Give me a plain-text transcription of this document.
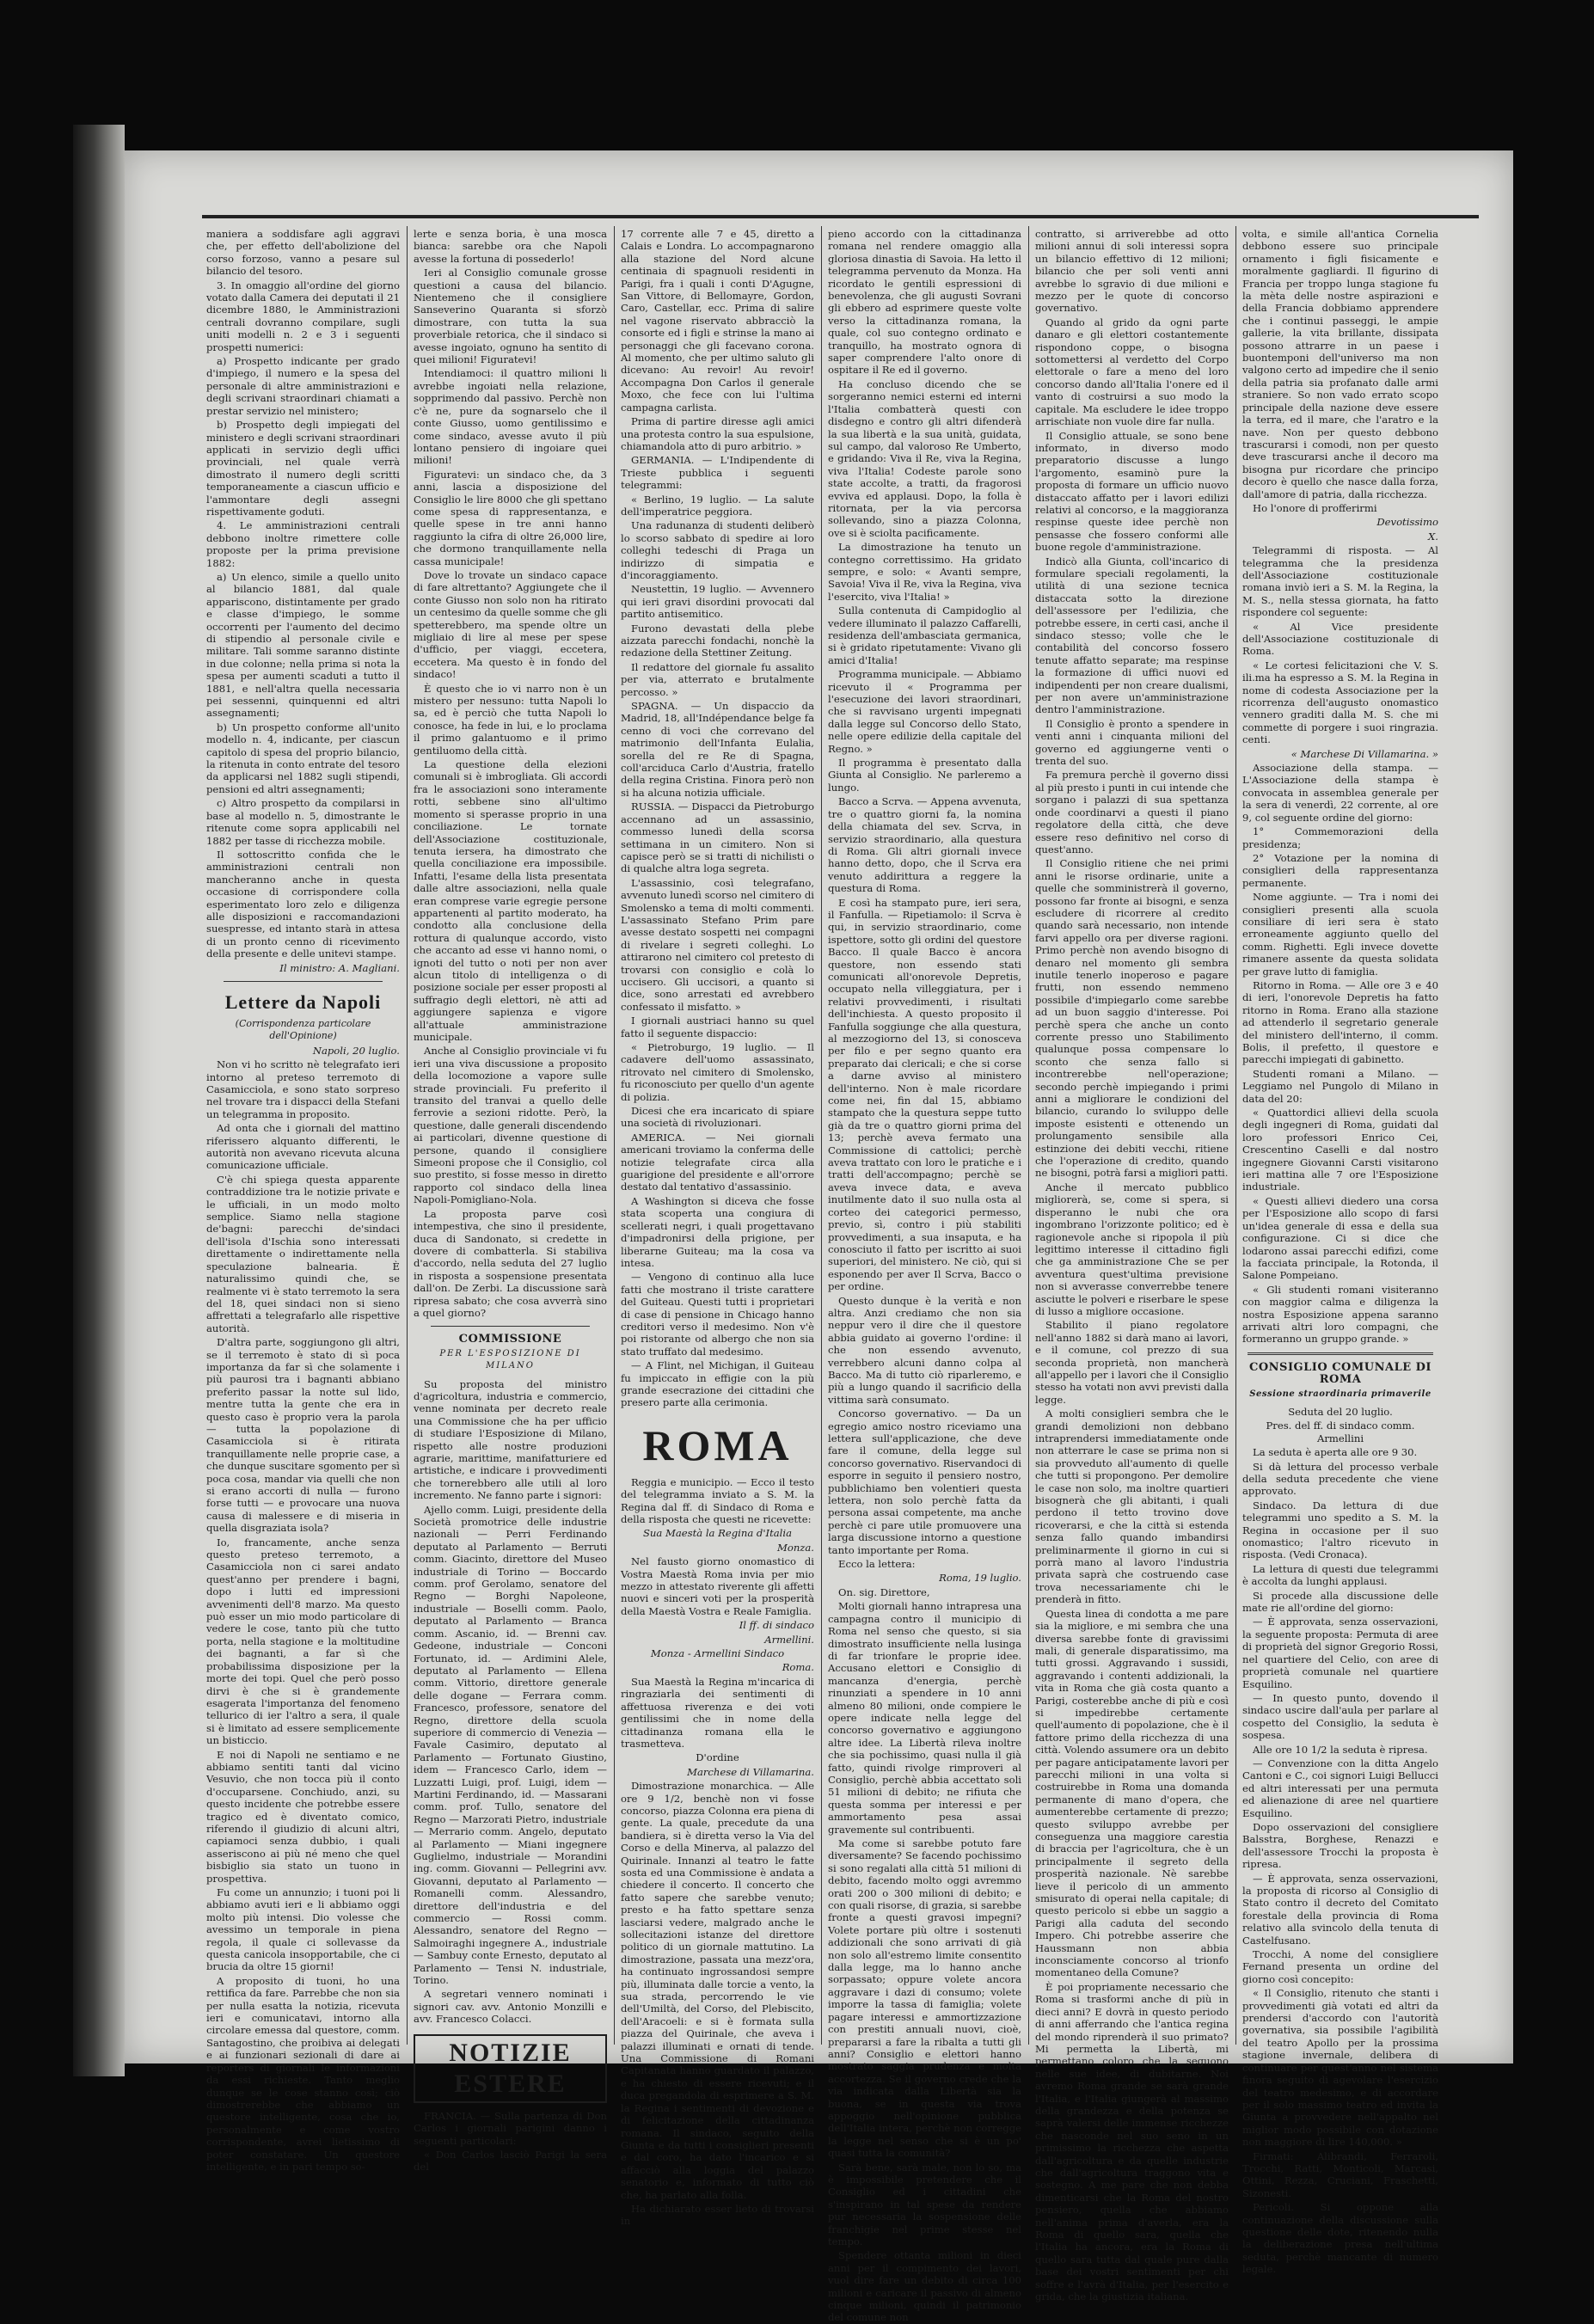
maniera a soddisfare agli aggravi che, per effetto dell'abolizione del corso forzoso, vanno a pesare sul bilancio del tesoro.

3. In omaggio all'ordine del giorno votato dalla Camera dei deputati il 21 dicembre 1880, le Amministrazioni centrali dovranno compilare, sugli uniti modelli n. 2 e 3 i seguenti prospetti numerici:

a) Prospetto indicante per grado d'impiego, il numero e la spesa del personale di altre amministrazioni e degli scrivani straordinari chiamati a prestar servizio nel ministero;

b) Prospetto degli impiegati del ministero e degli scrivani straordinari applicati in servizio degli uffici provinciali, nel quale verrà dimostrato il numero degli scritti temporaneamente a ciascun ufficio e l'ammontare degli assegni rispettivamente goduti.

4. Le amministrazioni centrali debbono inoltre rimettere colle proposte per la prima previsione 1882:

a) Un elenco, simile a quello unito al bilancio 1881, dal quale appariscono, distintamente per grado e classe d'impiego, le somme occorrenti per l'aumento del decimo di stipendio al personale civile e militare. Tali somme saranno distinte in due colonne; nella prima si nota la spesa per aumenti scaduti a tutto il 1881, e nell'altra quella necessaria pei sessenni, quinquenni ed altri assegnamenti;

b) Un prospetto conforme all'unito modello n. 4, indicante, per ciascun capitolo di spesa del proprio bilancio, la ritenuta in conto entrate del tesoro da applicarsi nel 1882 sugli stipendi, pensioni ed altri assegnamenti;

c) Altro prospetto da compilarsi in base al modello n. 5, dimostrante le ritenute come sopra applicabili nel 1882 per tasse di ricchezza mobile.

Il sottoscritto confida che le amministrazioni centrali non mancheranno anche in questa occasione di corrispondere colla esperimentato loro zelo e diligenza alle disposizioni e raccomandazioni suespresse, ed intanto starà in attesa di un pronto cenno di ricevimento della presente e delle unitevi stampe.

Il ministro: A. Magliani.

Lettere da Napoli

(Corrispondenza particolare dell'Opinione)

Napoli, 20 luglio.

Non vi ho scritto nè telegrafato ieri intorno al preteso terremoto di Casamicciola, e sono stato sorpreso nel trovare tra i dispacci della Stefani un telegramma in proposito.

Ad onta che i giornali del mattino riferissero alquanto differenti, le autorità non avevano ricevuta alcuna comunicazione ufficiale.

C'è chi spiega questa apparente contraddizione tra le notizie private e le ufficiali, in un modo molto semplice. Siamo nella stagione de'bagni: parecchi de'sindaci dell'isola d'Ischia sono interessati direttamente o indirettamente nella speculazione balnearia. È naturalissimo quindi che, se realmente vi è stato terremoto la sera del 18, quei sindaci non si sieno affrettati a telegrafarlo alle rispettive autorità.

D'altra parte, soggiungono gli altri, se il terremoto è stato di sì poca importanza da far sì che solamente i più paurosi tra i bagnanti abbiano preferito passar la notte sul lido, mentre tutta la gente che era in questo caso è proprio vera la parola — tutta la popolazione di Casamicciola si è ritirata tranquillamente nelle proprie case, a che dunque suscitare sgomento per sì poca cosa, mandar via quelli che non si erano accorti di nulla — furono forse tutti — e provocare una nuova causa di malessere e di miseria in quella disgraziata isola?

Io, francamente, anche senza questo preteso terremoto, a Casamicciola non ci sarei andato quest'anno per prendere i bagni, dopo i lutti ed impressioni avvenimenti dell'8 marzo. Ma questo può esser un mio modo particolare di vedere le cose, tanto più che tutto porta, nella stagione e la moltitudine dei bagnanti, a far sì che probabilissima disposizione per la morte dei topi. Quel che però posso dirvi è che si è grandemente esagerata l'importanza del fenomeno tellurico di ier l'altro a sera, il quale si è limitato ad essere semplicemente un bisticcio.

E noi di Napoli ne sentiamo e ne abbiamo sentiti tanti dal vicino Vesuvio, che non tocca più il conto d'occuparsene. Conchiudo, anzi, su questo incidente che potrebbe essere tragico ed è diventato comico, riferendo il giudizio di alcuni altri, capiamoci senza dubbio, i quali asseriscono ai più né meno che quel bisbiglio sia stato un tuono in prospettiva.

Fu come un annunzio; i tuoni poi li abbiamo avuti ieri e li abbiamo oggi molto più intensi. Dio volesse che avessimo un temporale in piena regola, il quale ci sollevasse da questa canicola insopportabile, che ci brucia da oltre 15 giorni!

A proposito di tuoni, ho una rettifica da fare. Parrebbe che non sia per nulla esatta la notizia, ricevuta ieri e comunicatavi, intorno alla circolare emessa dal questore, comm. Santagostino, che proibiva ai delegati e ai funzionari sezionali di dare ai reporters di giornali le informazioni da essi richieste. Tanto meglio dunque se le cose stanno così; ciò dimostrerebbe che abbiamo un questore intelligente, cosa che io, personalmente e come vostro corrispondente, avrei lietissimo di poter constatare. Un questore intelligente, e in pari tempo so-

lerte e senza boria, è una mosca bianca: sarebbe ora che Napoli avesse la fortuna di possederlo!

Ieri al Consiglio comunale grosse questioni a causa del bilancio. Nientemeno che il consigliere Sanseverino Quaranta si sforzò dimostrare, con tutta la sua proverbiale retorica, che il sindaco si avesse ingoiato, ognuno ha sentito di quei milioni! Figuratevi!

Intendiamoci: il quattro milioni li avrebbe ingoiati nella relazione, sopprimendo dal passivo. Perchè non c'è ne, pure da sognarselo che il conte Giusso, uomo gentilissimo e come sindaco, avesse avuto il più lontano pensiero di ingoiare quei milioni!

Figuratevi: un sindaco che, da 3 anni, lascia a disposizione del Consiglio le lire 8000 che gli spettano come spesa di rappresentanza, e quelle spese in tre anni hanno raggiunto la cifra di oltre 26,000 lire, che dormono tranquillamente nella cassa municipale!

Dove lo trovate un sindaco capace di fare altrettanto? Aggiungete che il conte Giusso non solo non ha ritirato un centesimo da quelle somme che gli spetterebbero, ma spende oltre un migliaio di lire al mese per spese d'ufficio, per viaggi, eccetera, eccetera. Ma questo è in fondo del sindaco!

È questo che io vi narro non è un mistero per nessuno: tutta Napoli lo sa, ed è perciò che tutta Napoli lo conosce, ha fede in lui, e lo proclama il primo galantuomo e il primo gentiluomo della città.

La questione della elezioni comunali si è imbrogliata. Gli accordi fra le associazioni sono interamente rotti, sebbene sino all'ultimo momento si sperasse proprio in una conciliazione. Le tornate dell'Associazione costituzionale, tenuta iersera, ha dimostrato che quella conciliazione era impossibile. Infatti, l'esame della lista presentata dalle altre associazioni, nella quale eran comprese varie egregie persone appartenenti al partito moderato, ha condotto alla conclusione della rottura di qualunque accordo, visto che accanto ad esse vi hanno nomi, o ignoti del tutto o noti per non aver alcun titolo di intelligenza o di posizione sociale per esser proposti al suffragio degli elettori, nè atti ad aggiungere sapienza e vigore all'attuale amministrazione municipale.

Anche al Consiglio provinciale vi fu ieri una viva discussione a proposito della locomozione a vapore sulle strade provinciali. Fu preferito il transito del tranvai a quello delle ferrovie a sezioni ridotte. Però, la questione, dalle generali discendendo ai particolari, divenne questione di persone, quando il consigliere Simeoni propose che il Consiglio, col suo prestito, si fosse messo in diretto rapporto col sindaco della linea Napoli-Pomigliano-Nola.

La proposta parve così intempestiva, che sino il presidente, duca di Sandonato, si credette in dovere di combatterla. Si stabiliva d'accordo, nella seduta del 27 luglio in risposta a sospensione presentata dall'on. De Zerbi. La discussione sarà ripresa sabato; che cosa avverrà sino a quel giorno?

COMMISSIONE
PER L'ESPOSIZIONE DI MILANO

Su proposta del ministro d'agricoltura, industria e commercio, venne nominata per decreto reale una Commissione che ha per ufficio di studiare l'Esposizione di Milano, rispetto alle nostre produzioni agrarie, marittime, manifatturiere ed artistiche, e indicare i provvedimenti che tornerebbero alle utili al loro incremento. Ne fanno parte i signori:

Ajello comm. Luigi, presidente della Società promotrice delle industrie nazionali — Perri Ferdinando deputato al Parlamento — Berruti comm. Giacinto, direttore del Museo industriale di Torino — Boccardo comm. prof Gerolamo, senatore del Regno — Borghi Napoleone, industriale — Boselli comm. Paolo, deputato al Parlamento — Branca comm. Ascanio, id. — Brenni cav. Gedeone, industriale — Conconi Fortunato, id. — Ardimini Alele, deputato al Parlamento — Ellena comm. Vittorio, direttore generale delle dogane — Ferrara comm. Francesco, professore, senatore del Regno, direttore della scuola superiore di commercio di Venezia — Favale Casimiro, deputato al Parlamento — Fortunato Giustino, idem — Francesco Carlo, idem — Luzzatti Luigi, prof. Luigi, idem — Martini Ferdinando, id. — Massarani comm. prof. Tullo, senatore del Regno — Marzorati Pietro, industriale — Merrario comm. Angelo, deputato al Parlamento — Miani ingegnere Guglielmo, industriale — Morandini ing. comm. Giovanni — Pellegrini avv. Giovanni, deputato al Parlamento — Romanelli comm. Alessandro, direttore dell'industria e del commercio — Rossi comm. Alessandro, senatore del Regno — Salmoiraghi ingegnere A., industriale — Sambuy conte Ernesto, deputato al Parlamento — Tensi N. industriale, Torino.

A segretari vennero nominati i signori cav. avv. Antonio Monzilli e avv. Francesco Colacci.

NOTIZIE ESTERE

FRANCIA. — Sulla partenza di Don Carlos i giornali parigini danno i seguenti particolari:

« Don Carlos lasciò Parigi la sera del

17 corrente alle 7 e 45, diretto a Calais e Londra. Lo accompagnarono alla stazione del Nord alcune centinaia di spagnuoli residenti in Parigi, fra i quali i conti D'Agugne, San Vittore, di Bellomayre, Gordon, Caro, Castellar, ecc. Prima di salire nel vagone riservato abbracciò la consorte ed i figli e strinse la mano ai personaggi che gli facevano corona. Al momento, che per ultimo saluto gli dicevano: Au revoir! Au revoir! Accompagna Don Carlos il generale Moxo, che fece con lui l'ultima campagna carlista.

Prima di partire diresse agli amici una protesta contro la sua espulsione, chiamandola atto di puro arbitrio. »

GERMANIA. — L'Indipendente di Trieste pubblica i seguenti telegrammi:

« Berlino, 19 luglio. — La salute dell'imperatrice peggiora.

Una radunanza di studenti deliberò lo scorso sabbato di spedire ai loro colleghi tedeschi di Praga un indirizzo di simpatia e d'incoraggiamento.

Neustettin, 19 luglio. — Avvennero qui ieri gravi disordini provocati dal partito antisemitico.

Furono devastati della plebe aizzata parecchi fondachi, nonchè la redazione della Stettiner Zeitung.

Il redattore del giornale fu assalito per via, atterrato e brutalmente percosso. »

SPAGNA. — Un dispaccio da Madrid, 18, all'Indépendance belge fa cenno di voci che correvano del matrimonio dell'Infanta Eulalia, sorella del re Re di Spagna, coll'arciduca Carlo d'Austria, fratello della regina Cristina. Finora però non si ha alcuna notizia ufficiale.

RUSSIA. — Dispacci da Pietroburgo accennano ad un assassinio, commesso lunedì della scorsa settimana in un cimitero. Non si capisce però se si tratti di nichilisti o di qualche altra loga segreta.

L'assassinio, così telegrafano, avvenuto lunedì scorso nel cimitero di Smolensko a tema di molti commenti. L'assassinato Stefano Prim pare avesse destato sospetti nei compagni di rivelare i segreti colleghi. Lo attirarono nel cimitero col pretesto di trovarsi con consiglio e colà lo uccisero. Gli uccisori, a quanto si dice, sono arrestati ed avrebbero confessato il misfatto. »

I giornali austriaci hanno su quel fatto il seguente dispaccio:

« Pietroburgo, 19 luglio. — Il cadavere dell'uomo assassinato, ritrovato nel cimitero di Smolensko, fu riconosciuto per quello d'un agente di polizia.

Dicesi che era incaricato di spiare una società di rivoluzionari.

AMERICA. — Nei giornali americani troviamo la conferma delle notizie telegrafate circa alla guarigione del presidente e all'orrore destato dal tentativo d'assassinio.

A Washington si diceva che fosse stata scoperta una congiura di scellerati negri, i quali progettavano d'impadronirsi della prigione, per liberarne Guiteau; ma la cosa va intesa.

— Vengono di continuo alla luce fatti che mostrano il triste carattere del Guiteau. Questi tutti i proprietari di case di pensione in Chicago hanno creditori verso il medesimo. Non v'è poi ristorante od albergo che non sia stato truffato dal medesimo.

— A Flint, nel Michigan, il Guiteau fu impiccato in effigie con la più grande esecrazione dei cittadini che presero parte alla cerimonia.

ROMA

Reggia e municipio. — Ecco il testo del telegramma inviato a S. M. la Regina dal ff. di Sindaco di Roma e della risposta che questi ne ricevette:

Sua Maestà la Regina d'Italia

Monza.

Nel fausto giorno onomastico di Vostra Maestà Roma invia per mio mezzo in attestato riverente gli affetti nuovi e sinceri voti per la prosperità della Maestà Vostra e Reale Famiglia.

Il ff. di sindaco

Armellini.

Monza - Armellini Sindaco

Roma.

Sua Maestà la Regina m'incarica di ringraziarla dei sentimenti di affettuosa riverenza e dei voti gentilissimi che in nome della cittadinanza romana ella le trasmetteva.

D'ordine

Marchese di Villamarina.

Dimostrazione monarchica. — Alle ore 9 1/2, benchè non vi fosse concorso, piazza Colonna era piena di gente. La quale, precedute da una bandiera, si è diretta verso la Via del Corso e della Minerva, al palazzo del Quirinale. Innanzi al teatro le fatte sosta ed una Commissione è andata a chiedere il concerto. Il concerto che fatto sapere che sarebbe venuto; presto e ha fatto spettare senza lasciarsi vedere, malgrado anche le sollecitazioni istanze del direttore politico di un giornale mattutino. La dimostrazione, passata una mezz'ora, ha continuato ingrossandosi sempre più, illuminata dalle torcie a vento, la sua strada, percorrendo le vie dell'Umiltà, del Corso, del Plebiscito, dell'Aracoeli: e si è formata sulla piazza del Quirinale, che aveva i palazzi illuminati e ornati di tende. Una Commissione di Romani Capitanata hanno guardato il palazzo, e ha chiesto di essere ricevuti; e il duca pregandola di esprimere a S. M. la Regina i sentimenti di devozione e di felicitazione della cittadinanza romana. Il sindaco, seguito della Giunta e da tutti i consiglieri presenti e dal coro, ha dato l'incarico e si affacciò alla loggia del palazzo senatorio e, informato di tutto ciò che, ha parlato alla folla.

Ha dichiarato esser lieto di trovarsi in

pieno accordo con la cittadinanza romana nel rendere omaggio alla gloriosa dinastia di Savoia. Ha letto il telegramma pervenuto da Monza. Ha ricordato le gentili espressioni di benevolenza, che gli augusti Sovrani gli ebbero ad esprimere queste volte verso la cittadinanza romana, la quale, col suo contegno ordinato e tranquillo, ha mostrato ognora di saper comprendere l'alto onore di ospitare il Re ed il governo.

Ha concluso dicendo che se sorgeranno nemici esterni ed interni l'Italia combatterà questi con disdegno e contro gli altri difenderà la sua libertà e la sua unità, guidata, sul campo, dal valoroso Re Umberto, e gridando: Viva il Re, viva la Regina, viva l'Italia! Codeste parole sono state accolte, a tratti, da fragorosi evviva ed applausi. Dopo, la folla è ritornata, per la via percorsa sollevando, sino a piazza Colonna, ove si è sciolta pacificamente.

La dimostrazione ha tenuto un contegno correttissimo. Ha gridato sempre, e solo: « Avanti sempre, Savoia! Viva il Re, viva la Regina, viva l'esercito, viva l'Italia! »

Sulla contenuta di Campidoglio al vedere illuminato il palazzo Caffarelli, residenza dell'ambasciata germanica, si è gridato ripetutamente: Vivano gli amici d'Italia!

Programma municipale. — Abbiamo ricevuto il « Programma per l'esecuzione dei lavori straordinari, che si ravvisano urgenti impegnati dalla legge sul Concorso dello Stato, nelle opere edilizie della capitale del Regno. »

Il programma è presentato dalla Giunta al Consiglio. Ne parleremo a lungo.

Bacco a Scrva. — Appena avvenuta, tre o quattro giorni fa, la nomina della chiamata del sev. Scrva, in servizio straordinario, alla questura di Roma. Gli altri giornali invece hanno detto, dopo, che il Scrva era venuto addirittura a reggere la questura di Roma.

E così ha stampato pure, ieri sera, il Fanfulla. — Ripetiamolo: il Scrva è qui, in servizio straordinario, come ispettore, sotto gli ordini del questore Bacco. Il quale Bacco è ancora questore, non essendo stati comunicati all'onorevole Depretis, occupato nella villeggiatura, per i relativi provvedimenti, i risultati dell'inchiesta. A questo proposito il Fanfulla soggiunge che alla questura, al mezzogiorno del 13, si conosceva per filo e per segno quanto era preparato dai clericali; e che si corse a darne avviso al ministero dell'interno. Non è male ricordare come nei, fin dal 15, abbiamo stampato che la questura seppe tutto già da tre o quattro giorni prima del 13; perchè aveva fermato una Commissione di cattolici; perchè aveva trattato con loro le pratiche e i tratti dell'accompagno; perchè se aveva invece data, e aveva inutilmente dato il suo nulla osta al corteo dei categorici permesso, previo, sì, contro i più stabiliti provvedimenti, a sua insaputa, e ha conosciuto il fatto per iscritto ai suoi superiori, del ministero. Ne ciò, qui si esponendo per aver Il Scrva, Bacco o per ordine.

Questo dunque è la verità e non altra. Anzi crediamo che non sia neppur vero il dire che il questore abbia guidato ai governo l'ordine: il che non essendo avvenuto, verrebbero alcuni danno colpa al Bacco. Ma di tutto ciò riparleremo, e più a lungo quando il sacrificio della vittima sarà consumato.

Concorso governativo. — Da un egregio amico nostro riceviamo una lettera sull'applicazione, che deve fare il comune, della legge sul concorso governativo. Riservandoci di esporre in seguito il pensiero nostro, pubblichiamo ben volentieri questa lettera, non solo perchè fatta da persona assai competente, ma anche perchè ci pare utile promuovere una larga discussione intorno a questione tanto importante per Roma.

Ecco la lettera:

Roma, 19 luglio.

On. sig. Direttore,

Molti giornali hanno intrapresa una campagna contro il municipio di Roma nel senso che questo, si sia dimostrato insufficiente nella lusinga di far trionfare le proprie idee. Accusano elettori e Consiglio di mancanza d'energia, perchè rinunziati a spendere in 10 anni almeno 80 milioni, onde compiere le opere indicate nella legge del concorso governativo e aggiungono altre idee. La Libertà rileva inoltre che sia pochissimo, quasi nulla il già fatto, quindi rivolge rimproveri al Consiglio, perchè abbia accettato soli 51 milioni di debito; ne rifiuta che questa somma per interessi e per ammortamento pesa assai gravemente sul contribuenti.

Ma come si sarebbe potuto fare diversamente? Se facendo pochissimo si sono regalati alla città 51 milioni di debito, facendo molto oggi avremmo orati 200 o 300 milioni di debito; e con quali risorse, di grazia, si sarebbe fronte a questi gravosi impegni? Volete portare più oltre i sostenuti addizionali che sono arrivati di già non solo all'estremo limite consentito dalla legge, ma lo hanno anche sorpassato; oppure volete ancora aggravare i dazi di consumo; volete imporre la tassa di famiglia; volete pagare interessi e ammortizzazione con prestiti annuali nuovi, cioè, prepararsi a fare la ribalta a tutti gli anni? Consiglio e elettori hanno mostrato saggia prudenza e molta accortezza. Se il governo crede che la via indicata dalla Libertà sia la buona, se in questa via trova appoggio nell'opinione pubblica dell'Italia intera, perchè non corregge la legge nel senso che si è un po' quasi tutta la comunità?

Sarà bene, sarà male, non lo so, ma è impossibile pretendere che il Consiglio ed i cittadini che s'inspirano in tal spese da rendere pur necessaria la sospensione delle franchigie nel prime stesse nel tempo.

Spendere ottanta milioni in dieci anni per il compimento dei lavori, vuol dire fare un debito di circa 100 milioni e caricare il passivo di almeno cinque milioni, quindi il patrimonio del comune non

contratto, si arriverebbe ad otto milioni annui di soli interessi sopra un bilancio effettivo di 12 milioni; bilancio che per soli venti anni avrebbe lo sgravio di due milioni e mezzo per le quote di concorso governativo.

Quando al grido da ogni parte danaro e gli elettori costantemente rispondono coppe, o bisogna sottomettersi al verdetto del Corpo elettorale o fare a meno del loro concorso dando all'Italia l'onere ed il vanto di costruirsi a suo modo la capitale. Ma escludere le idee troppo arrischiate non vuole dire far nulla.

Il Consiglio attuale, se sono bene informato, in diverso modo preparatorio discusse a lungo l'argomento, esaminò pure la proposta di formare un ufficio nuovo distaccato affatto per i lavori edilizi relativi al concorso, e la maggioranza respinse queste idee perchè non pensasse che fossero conformi alle buone regole d'amministrazione.

Indicò alla Giunta, coll'incarico di formulare speciali regolamenti, la utilità di una sezione tecnica distaccata sotto la direzione dell'assessore per l'edilizia, che potrebbe essere, in certi casi, anche il sindaco stesso; volle che le contabilità del concorso fossero tenute affatto separate; ma respinse la formazione di uffici nuovi ed indipendenti per non creare dualismi, per non avere un'amministrazione dentro l'amministrazione.

Il Consiglio è pronto a spendere in venti anni i cinquanta milioni del governo ed aggiungerne venti o trenta del suo.

Fa premura perchè il governo dissi al più presto i punti in cui intende che sorgano i palazzi di sua spettanza onde coordinarvi a questi il piano regolatore della città, che deve essere reso definitivo nel corso di quest'anno.

Il Consiglio ritiene che nei primi anni le risorse ordinarie, unite a quelle che somministrerà il governo, possono far fronte ai bisogni, e senza escludere di ricorrere al credito quando sarà necessario, non intende farvi appello ora per diverse ragioni. Primo perchè non avendo bisogno di denaro nel momento gli sembra inutile tenerlo inoperoso e pagare frutti, non essendo nemmeno possibile d'impiegarlo come sarebbe ad un buon saggio d'interesse. Poi perchè spera che anche un conto corrente presso uno Stabilimento qualunque possa compensare lo sconto che senza fallo si incontrerebbe nell'operazione; secondo perchè impiegando i primi anni a migliorare le condizioni del bilancio, curando lo sviluppo delle imposte esistenti e ottenendo un prolungamento sensibile alla estinzione dei debiti vecchi, ritiene che l'operazione di credito, quando ne bisogni, potrà farsi a migliori patti.

Anche il mercato pubblico migliorerà, se, come si spera, si disperanno le nubi che ora ingombrano l'orizzonte politico; ed è ragionevole anche si ripopola il più legittimo interesse il cittadino figli che ga amministrazione Che se per avventura quest'ultima previsione non si avverasse converrebbe tenere asciutte le polveri e riserbare le spese di lusso a migliore occasione.

Stabilito il piano regolatore nell'anno 1882 si darà mano ai lavori, e il comune, col prezzo di sua seconda proprietà, non mancherà all'appello per i lavori che il Consiglio stesso ha votati non avvi previsti dalla legge.

A molti consiglieri sembra che le grandi demolizioni non debbano intraprendersi immediatamente onde non atterrare le case se prima non si sia provveduto all'aumento di quelle che tutti si propongono. Per demolire le case non solo, ma inoltre quartieri bisognerà che gli abitanti, i quali perdono il tetto trovino dove ricoverarsi, e che la città si estenda senza fallo quando imbandirsi preliminarmente il giorno in cui si porrà mano al lavoro l'industria privata saprà che costruendo case trova necessariamente chi le prenderà in fitto.

Questa linea di condotta a me pare sia la migliore, e mi sembra che una diversa sarebbe fonte di gravissimi mali, di generale disparatissimo, ma tutti grossi. Aggravando i sussidi, aggravando i contenti addizionali, la vita in Roma che già costa quanto a Parigi, costerebbe anche di più e così si impedirebbe certamente quell'aumento di popolazione, che è il fattore primo della ricchezza di una città. Volendo assumere ora un debito per pagare anticipatamente lavori per parecchi milioni in una volta si costruirebbe in Roma una domanda permanente di mano d'opera, che aumenterebbe certamente di prezzo; questo sviluppo avrebbe per conseguenza una maggiore carestia di braccia per l'agricoltura, che è un principalmente il segreto della prosperità nazionale. Nè sarebbe lieve il pericolo di un ammento smisurato di operai nella capitale; di questo pericolo si ebbe un saggio a Parigi alla caduta del secondo Impero. Chi potrebbe asserire che Haussmann non abbia inconsciamente concorso al trionfo momentaneo della Comune?

È poi propriamente necessario che Roma si trasformi anche di più in dieci anni? E dovrà in questo periodo di anni afferrando che l'antica regina del mondo riprenderà il suo primato? Mi permetta la Libertà, mi permettano coloro che la seguono nelle sue idee, di dubitarne. Noi avremo Roma grande se sarà grande l'Italia, e l'Italia giungerà al massimo della grandezza e della potenza se saprà valersi delle immense ricchezze che nasconde nel suo seno in un primissimo la ricchezza che aspetta dall'agricoltura e da quelle industrie che dall'agricoltura traggono vita e sostegno. A me pare che non debba dimenticarsi che la Roma del nostro pensiero, quella che abbiamo nell'anima prima d'averla, era la Roma di quello sara, quella che l'Italia ha ancora, era la Roma di quello sara tutta dal quale pure dalla base dei vostri sentimenti per chi soffre e l'avrà d'Italia, per l'esercito e grida, che la giustizia italiana.

volta, e simile all'antica Cornelia debbono essere suo principale ornamento i figli fisicamente e moralmente gagliardi. Il figurino di Francia per troppo lunga stagione fu la mèta delle nostre aspirazioni e della Francia dobbiamo apprendere che i continui passeggi, le ampie gallerie, la vita brillante, dissipata possono attrarre in un paese i buontemponi dell'universo ma non valgono certo ad impedire che il senio della patria sia profanato dalle armi straniere. So non vado errato scopo principale della nazione deve essere la terra, ed il mare, che l'aratro e la nave. Non per questo debbono trascurarsi i comodi, non per questo deve trascurarsi anche il decoro ma bisogna pur ricordare che principo decoro è quello che nasce dalla forza, dall'amore di patria, dalla ricchezza.

Ho l'onore di profferirmi

Devotissimo

X.

Telegrammi di risposta. — Al telegramma che la presidenza dell'Associazione costituzionale romana inviò ieri a S. M. la Regina, la M. S., nella stessa giornata, ha fatto rispondere col seguente:

« Al Vice presidente dell'Associazione costituzionale di Roma.

« Le cortesi felicitazioni che V. S. ili.ma ha espresso a S. M. la Regina in nome di codesta Associazione per la ricorrenza dell'augusto onomastico vennero graditi dalla M. S. che mi commette di porgere i suoi ringrazia. centi.

« Marchese Di Villamarina. »

Associazione della stampa. — L'Associazione della stampa è convocata in assemblea generale per la sera di venerdì, 22 corrente, al ore 9, col seguente ordine del giorno:

1° Commemorazioni della presidenza;

2° Votazione per la nomina di consiglieri della rappresentanza permanente.

Nome aggiunte. — Tra i nomi dei consiglieri presenti alla scuola consiliare di ieri sera è stato erroneamente aggiunto quello del comm. Righetti. Egli invece dovette rimanere assente da questa solidata per grave lutto di famiglia.

Ritorno in Roma. — Alle ore 3 e 40 di ieri, l'onorevole Depretis ha fatto ritorno in Roma. Erano alla stazione ad attenderlo il segretario generale del ministero dell'interno, il comm. Bolis, il prefetto, il questore e parecchi impiegati di gabinetto.

Studenti romani a Milano. — Leggiamo nel Pungolo di Milano in data del 20:

« Quattordici allievi della scuola degli ingegneri di Roma, guidati dal loro professori Enrico Cei, Crescentino Caselli e dal nostro ingegnere Giovanni Carsti visitarono ieri mattina alle 7 ore l'Esposizione industriale.

« Questi allievi diedero una corsa per l'Esposizione allo scopo di farsi un'idea generale di essa e della sua configurazione. Ci si dice che lodarono assai parecchi edifizi, come la facciata principale, la Rotonda, il Salone Pompeiano.

« Gli studenti romani visiteranno con maggior calma e diligenza la nostra Esposizione appena saranno arrivati altri loro compagni, che formeranno un gruppo grande. »

CONSIGLIO COMUNALE DI ROMA
Sessione straordinaria primaverile

Seduta del 20 luglio.

Pres. del ff. di sindaco comm. Armellini

La seduta è aperta alle ore 9 30.

Si dà lettura del processo verbale della seduta precedente che viene approvato.

Sindaco. Da lettura di due telegrammi uno spedito a S. M. la Regina in occasione per il suo onomastico; l'altro ricevuto in risposta. (Vedi Cronaca).

La lettura di questi due telegrammi è accolta da lunghi applausi.

Si procede alla discussione delle mate rie all'ordine del giorno:

— È approvata, senza osservazioni, la seguente proposta: Permuta di aree di proprietà del signor Gregorio Rossi, nel quartiere del Celio, con aree di proprietà comunale nel quartiere Esquilino.

— In questo punto, dovendo il sindaco uscire dall'aula per parlare al cospetto del Consiglio, la seduta è sospesa.

Alle ore 10 1/2 la seduta è ripresa.

— Convenzione con la ditta Angelo Cantoni e C., coi signori Luigi Bellucci ed altri interessati per una permuta ed alienazione di aree nel quartiere Esquilino.

Dopo osservazioni del consigliere Balsstra, Borghese, Renazzi e dell'assessore Trocchi la proposta è ripresa.

— È approvata, senza osservazioni, la proposta di ricorso al Consiglio di Stato contro il decreto del Comitato forestale della provincia di Roma relativo alla svincolo della tenuta di Castelfusano.

Trocchi, A nome del consigliere Fernand presenta un ordine del giorno così concepito:

« Il Consiglio, ritenuto che stanti i provvedimenti già votati ed altri da prendersi d'accordo con l'autorità governativa, sia possibile l'agibilità del teatro Apollo per la prossima stagione invernale, delibera di continuare per quest'anno nel sistema finora seguito di agevolare l'esercizio del teatro medesimo, e di accordare per il solo massimo teatro ed invita la Giunta a provvedere nell'appalto nel miglior modo possibile con dotazione non maggiore di lire 140,000. »

Firmati: Alibrandi, Ferraroli, Trocchi, Ratti, Monticoli, Marcasi, Ottini, Rezza, Cruciani, Fraschetti, Sizonesti.

Pericoli. Si oppone alla continuazione della discussione sulla questione delle dote, ritenendo nulla la deliberazione presa nell'ultima seduta, perchè mancante di numero legale.
